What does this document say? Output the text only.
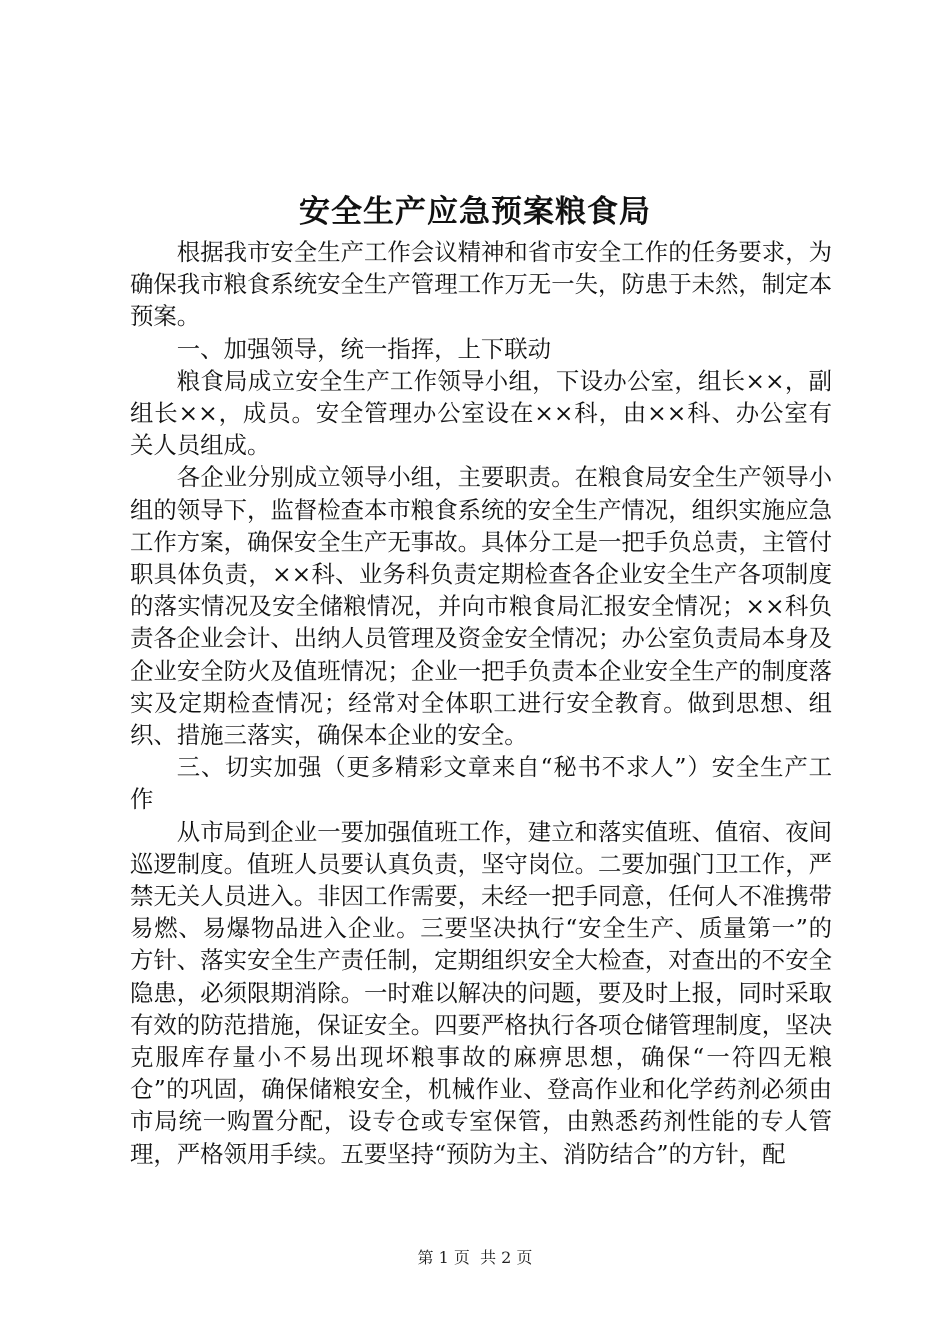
安全生产应急预案粮食局

根据我市安全生产工作会议精神和省市安全工作的任务要求，为确保我市粮食系统安全生产管理工作万无一失，防患于未然，制定本预案。

一、加强领导，统一指挥，上下联动

粮食局成立安全生产工作领导小组，下设办公室，组长××，副组长××，成员。安全管理办公室设在××科，由××科、办公室有关人员组成。

各企业分别成立领导小组，主要职责。在粮食局安全生产领导小组的领导下，监督检查本市粮食系统的安全生产情况，组织实施应急工作方案，确保安全生产无事故。具体分工是一把手负总责，主管付职具体负责，××科、业务科负责定期检查各企业安全生产各项制度的落实情况及安全储粮情况，并向市粮食局汇报安全情况；××科负责各企业会计、出纳人员管理及资金安全情况；办公室负责局本身及企业安全防火及值班情况；企业一把手负责本企业安全生产的制度落实及定期检查情况；经常对全体职工进行安全教育。做到思想、组织、措施三落实，确保本企业的安全。

三、切实加强（更多精彩文章来自“秘书不求人”）安全生产工作

从市局到企业一要加强值班工作，建立和落实值班、值宿、夜间巡逻制度。值班人员要认真负责，坚守岗位。二要加强门卫工作，严禁无关人员进入。非因工作需要，未经一把手同意，任何人不准携带易燃、易爆物品进入企业。三要坚决执行“安全生产、质量第一”的方针、落实安全生产责任制，定期组织安全大检查，对查出的不安全隐患，必须限期消除。一时难以解决的问题，要及时上报，同时采取有效的防范措施，保证安全。四要严格执行各项仓储管理制度，坚决克服库存量小不易出现坏粮事故的麻痹思想，确保“一符四无粮仓”的巩固，确保储粮安全，机械作业、登高作业和化学药剂必须由市局统一购置分配，设专仓或专室保管，由熟悉药剂性能的专人管理，严格领用手续。五要坚持“预防为主、消防结合”的方针，配

第 1 页 共 2 页
